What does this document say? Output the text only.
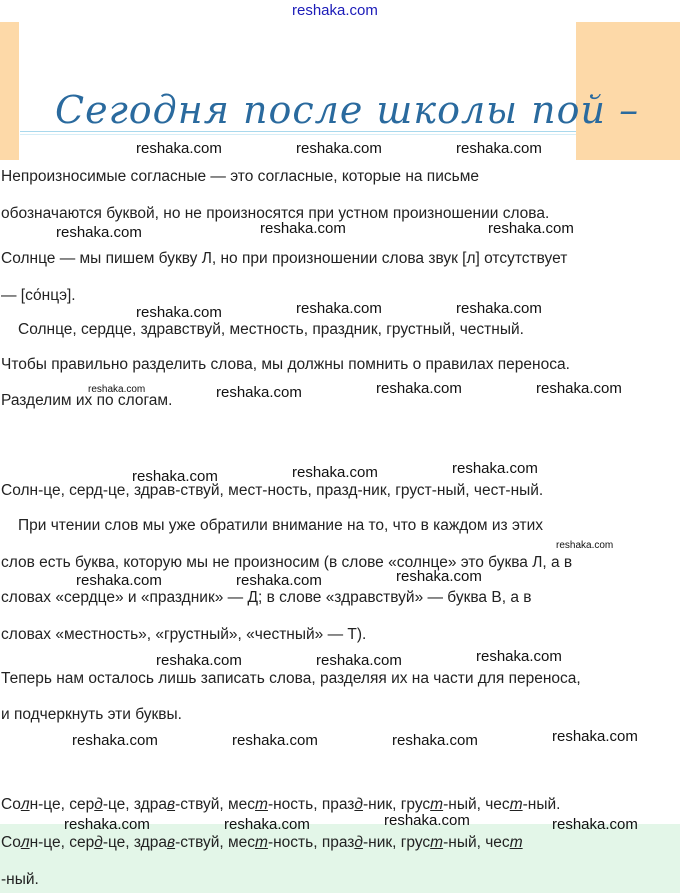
Сегодня после школы пой –
reshaka.com
Непроизносимые согласные — это согласные, которые на письме
обозначаются буквой, но не произносятся при устном произношении слова.
Солнце — мы пишем букву Л, но при произношении слова звук [л] отсутствует
— [со́нцэ].
Солнце, сердце, здравствуй, местность, праздник, грустный, честный.
Чтобы правильно разделить слова, мы должны помнить о правилах переноса.
Разделим их по слогам.
Солн-це, серд-це, здрав-ствуй, мест-ность, празд-ник, груст-ный, чест-ный.
При чтении слов мы уже обратили внимание на то, что в каждом из этих
слов есть буква, которую мы не произносим (в слове «солнце» это буква Л, а в
словах «сердце» и «праздник» — Д; в слове «здравствуй» — буква В, а в
словах «местность», «грустный», «честный» — Т).
Теперь нам осталось лишь записать слова, разделяя их на части для переноса,
и подчеркнуть эти буквы.
Солн-це, серд-це, здрав-ствуй, мест-ность, празд-ник, груст-ный, чест-ный.
Солн-це, серд-це, здрав-ствуй, мест-ность, празд-ник, груст-ный, чест
-ный.
reshaka.com	reshaka.com	reshaka.com
reshaka.com	reshaka.com	reshaka.com
reshaka.com	reshaka.com	reshaka.com
reshaka.com	reshaka.com	reshaka.com
reshaka.com	reshaka.com	reshaka.com
reshaka.com	reshaka.com	reshaka.com
reshaka.com	reshaka.com	reshaka.com
reshaka.com	reshaka.com	reshaka.com	reshaka.com
reshaka.com	reshaka.com	reshaka.com	reshaka.com
reshaka.com
reshaka.com
